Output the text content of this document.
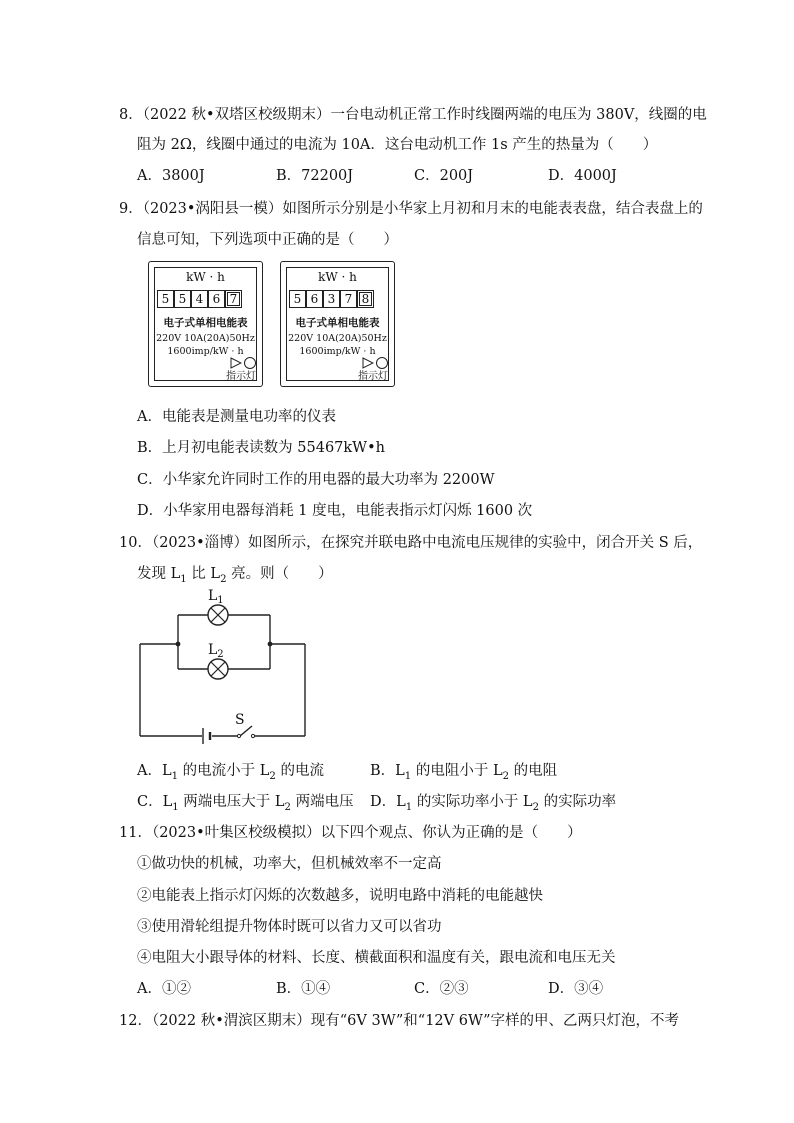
8．（2022 秋•双塔区校级期末）一台电动机正常工作时线圈两端的电压为 380V，线圈的电
阻为 2Ω，线圈中通过的电流为 10A．这台电动机工作 1s 产生的热量为（　　）
A．3800J	B．72200J	C．200J	D．4000J
9．（2023•涡阳县一模）如图所示分别是小华家上月初和月末的电能表表盘，结合表盘上的
信息可知，下列选项中正确的是（　　）
kW · h
5 5 4 6 7
电子式单相电能表
220V 10A(20A)50Hz
1600imp/kW · h
指示灯
kW · h
5 6 3 7 8
电子式单相电能表
220V 10A(20A)50Hz
1600imp/kW · h
指示灯
A．电能表是测量电功率的仪表
B．上月初电能表读数为 55467kW•h
C．小华家允许同时工作的用电器的最大功率为 2200W
D．小华家用电器每消耗 1 度电，电能表指示灯闪烁 1600 次
10．（2023•淄博）如图所示，在探究并联电路中电流电压规律的实验中，闭合开关 S 后，
发现 $L_1$ 比 $L_2$ 亮。则（　　）
$L_1$
$L_2$
S
A．$L_1$ 的电流小于 $L_2$ 的电流	B．$L_1$ 的电阻小于 $L_2$ 的电阻
C．$L_1$ 两端电压大于 $L_2$ 两端电压 D．$L_1$ 的实际功率小于 $L_2$ 的实际功率
11．（2023•叶集区校级模拟）以下四个观点、你认为正确的是（　　）
①做功快的机械，功率大，但机械效率不一定高
②电能表上指示灯闪烁的次数越多，说明电路中消耗的电能越快
③使用滑轮组提升物体时既可以省力又可以省功
④电阻大小跟导体的材料、长度、横截面积和温度有关，跟电流和电压无关
A．①②	B．①④	C．②③	D．③④
12．（2022 秋•渭滨区期末）现有“6V 3W”和“12V 6W”字样的甲、乙两只灯泡，不考
